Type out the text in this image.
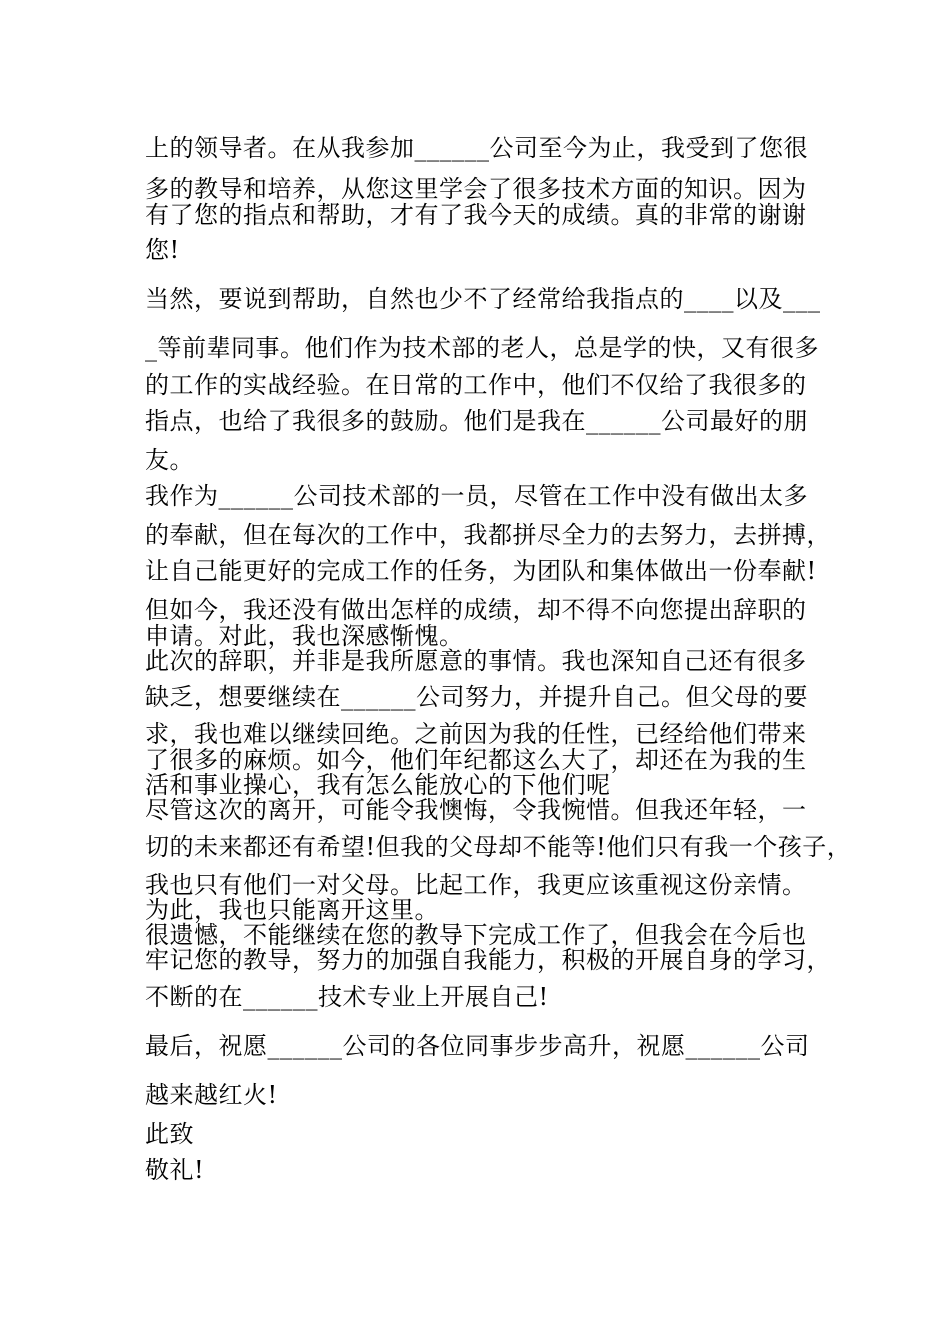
上的领导者。在从我参加______公司至今为止，我受到了您很
多的教导和培养，从您这里学会了很多技术方面的知识。因为
有了您的指点和帮助，才有了我今天的成绩。真的非常的谢谢
您!
当然，要说到帮助，自然也少不了经常给我指点的____以及___
_等前辈同事。他们作为技术部的老人，总是学的快，又有很多
的工作的实战经验。在日常的工作中，他们不仅给了我很多的
指点，也给了我很多的鼓励。他们是我在______公司最好的朋
友。
我作为______公司技术部的一员，尽管在工作中没有做出太多
的奉献，但在每次的工作中，我都拼尽全力的去努力，去拼搏，
让自己能更好的完成工作的任务，为团队和集体做出一份奉献!
但如今，我还没有做出怎样的成绩，却不得不向您提出辞职的
申请。对此，我也深感惭愧。
此次的辞职，并非是我所愿意的事情。我也深知自己还有很多
缺乏，想要继续在______公司努力，并提升自己。但父母的要
求，我也难以继续回绝。之前因为我的任性，已经给他们带来
了很多的麻烦。如今，他们年纪都这么大了，却还在为我的生
活和事业操心，我有怎么能放心的下他们呢
尽管这次的离开，可能令我懊悔，令我惋惜。但我还年轻，一
切的未来都还有希望!但我的父母却不能等!他们只有我一个孩子，
我也只有他们一对父母。比起工作，我更应该重视这份亲情。
为此，我也只能离开这里。
很遗憾，不能继续在您的教导下完成工作了，但我会在今后也
牢记您的教导，努力的加强自我能力，积极的开展自身的学习，
不断的在______技术专业上开展自己!
最后，祝愿______公司的各位同事步步高升，祝愿______公司
越来越红火!
此致
敬礼!
